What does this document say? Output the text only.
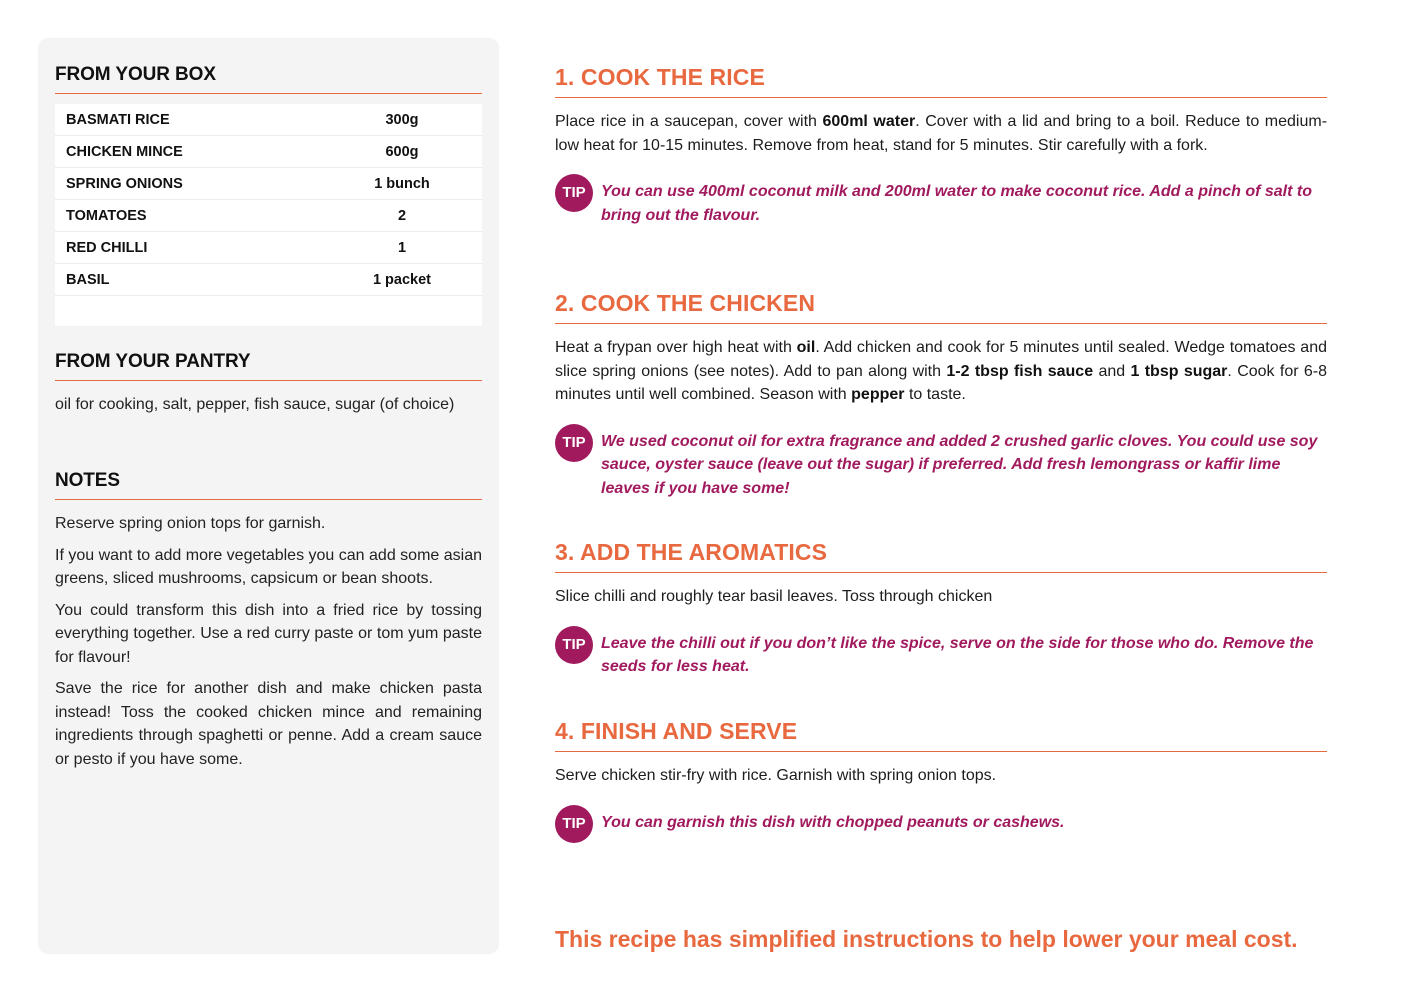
FROM YOUR BOX
BASMATI RICE	300g
CHICKEN MINCE	600g
SPRING ONIONS	1 bunch
TOMATOES	2
RED CHILLI	1
BASIL	1 packet

FROM YOUR PANTRY

oil for cooking, salt, pepper, fish sauce, sugar (of choice)

NOTES

Reserve spring onion tops for garnish.

If you want to add more vegetables you can add some asian greens, sliced mushrooms, capsicum or bean shoots.

You could transform this dish into a fried rice by tossing everything together. Use a red curry paste or tom yum paste for flavour!

Save the rice for another dish and make chicken pasta instead! Toss the cooked chicken mince and remaining ingredients through spaghetti or penne. Add a cream sauce or pesto if you have some.

1. COOK THE RICE

Place rice in a saucepan, cover with 600ml water. Cover with a lid and bring to a boil. Reduce to medium-low heat for 10-15 minutes. Remove from heat, stand for 5 minutes. Stir carefully with a fork.

TIP You can use 400ml coconut milk and 200ml water to make coconut rice. Add a pinch of salt to bring out the flavour.

2. COOK THE CHICKEN

Heat a frypan over high heat with oil. Add chicken and cook for 5 minutes until sealed. Wedge tomatoes and slice spring onions (see notes). Add to pan along with 1-2 tbsp fish sauce and 1 tbsp sugar. Cook for 6-8 minutes until well combined. Season with pepper to taste.

TIP We used coconut oil for extra fragrance and added 2 crushed garlic cloves. You could use soy sauce, oyster sauce (leave out the sugar) if preferred. Add fresh lemongrass or kaffir lime leaves if you have some!

3. ADD THE AROMATICS

Slice chilli and roughly tear basil leaves. Toss through chicken

TIP Leave the chilli out if you don’t like the spice, serve on the side for those who do. Remove the seeds for less heat.

4. FINISH AND SERVE

Serve chicken stir-fry with rice. Garnish with spring onion tops.

TIP You can garnish this dish with chopped peanuts or cashews.

This recipe has simplified instructions to help lower your meal cost.
